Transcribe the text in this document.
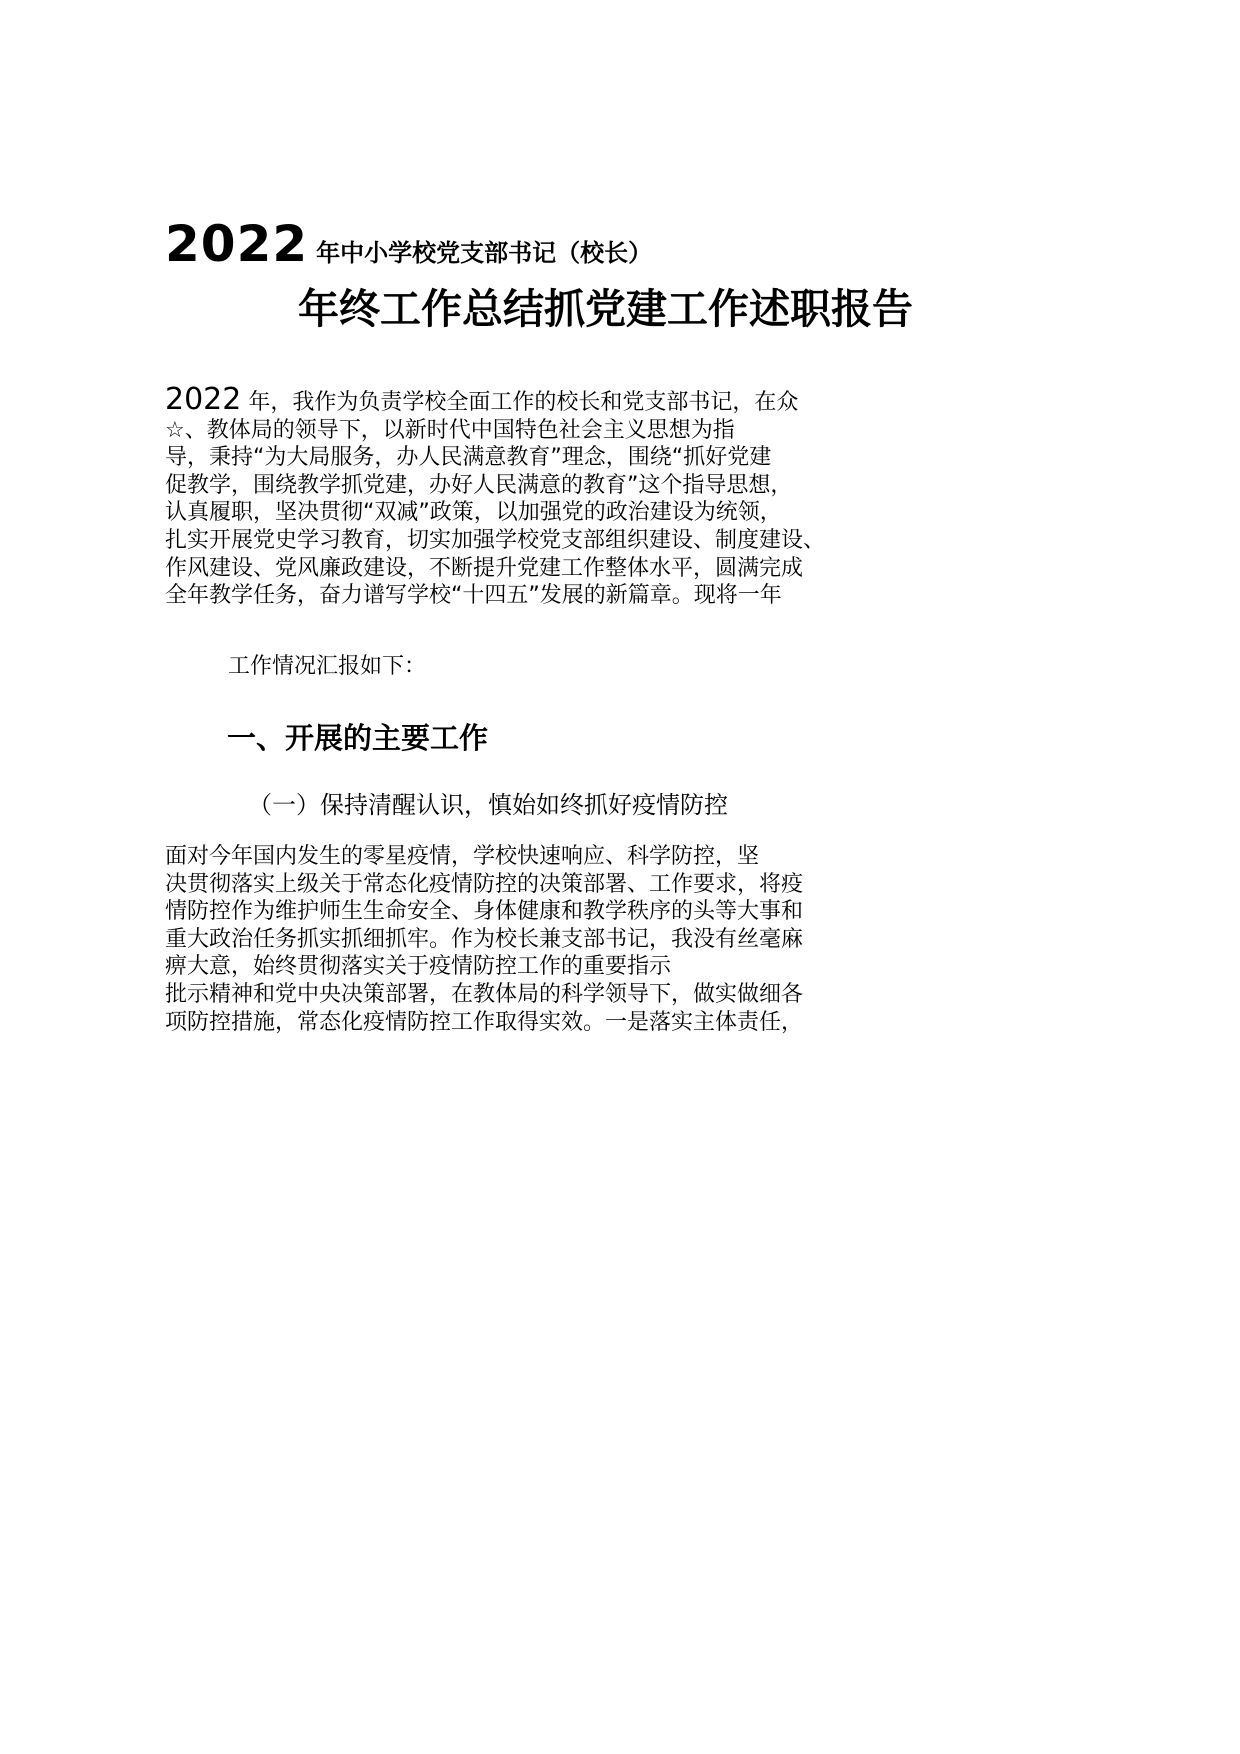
2022 年中小学校党支部书记（校长）
年终工作总结抓党建工作述职报告
2022 年，我作为负责学校全面工作的校长和党支部书记，在众
☆、教体局的领导下，以新时代中国特色社会主义思想为指
导，秉持“为大局服务，办人民满意教育”理念，围绕“抓好党建
促教学，围绕教学抓党建，办好人民满意的教育”这个指导思想，
认真履职，坚决贯彻“双减”政策，以加强党的政治建设为统领，
扎实开展党史学习教育，切实加强学校党支部组织建设、制度建设、
作风建设、党风廉政建设，不断提升党建工作整体水平，圆满完成
全年教学任务，奋力谱写学校“十四五”发展的新篇章。现将一年
工作情况汇报如下：
一、开展的主要工作
（一）保持清醒认识，慎始如终抓好疫情防控
面对今年国内发生的零星疫情，学校快速响应、科学防控，坚
决贯彻落实上级关于常态化疫情防控的决策部署、工作要求，将疫
情防控作为维护师生生命安全、身体健康和教学秩序的头等大事和
重大政治任务抓实抓细抓牢。作为校长兼支部书记，我没有丝毫麻
痹大意，始终贯彻落实关于疫情防控工作的重要指示
批示精神和党中央决策部署，在教体局的科学领导下，做实做细各
项防控措施，常态化疫情防控工作取得实效。一是落实主体责任，
